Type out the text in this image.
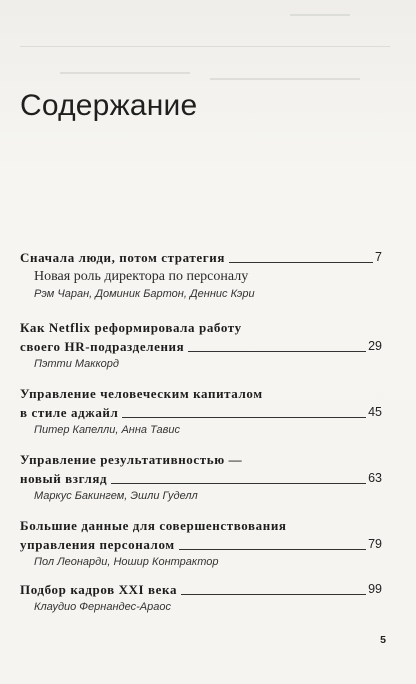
Содержание
Сначала люди, потом стратегия	7
Новая роль директора по персоналу
Рэм Чаран, Доминик Бартон, Деннис Кэри
Как Netflix реформировала работу
своего HR-подразделения	29
Пэтти Маккорд
Управление человеческим капиталом
в стиле аджайл	45
Питер Капелли, Анна Тавис
Управление результативностью —
новый взгляд	63
Маркус Бакингем, Эшли Гуделл
Большие данные для совершенствования
управления персоналом	79
Пол Леонарди, Ношир Контрактор
Подбор кадров XXI века	99
Клаудио Фернандес-Араос
5
